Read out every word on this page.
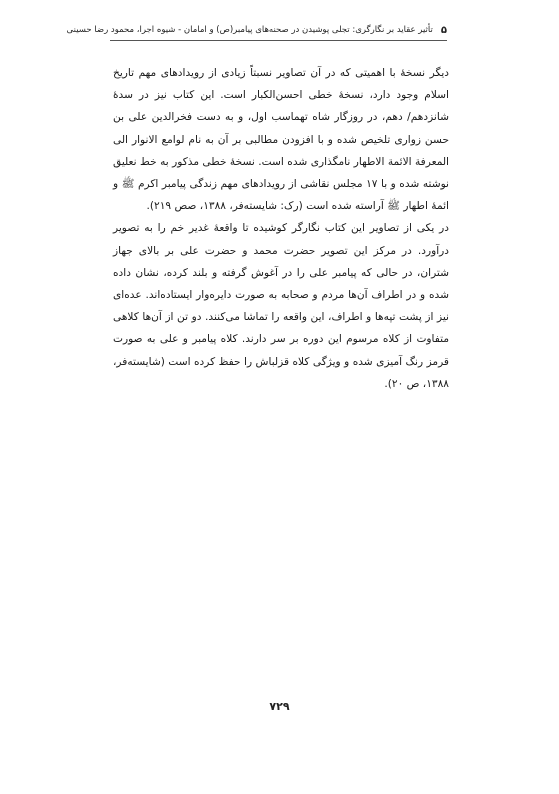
۵
تأثیر عقاید بر نگارگری: تجلی پوشیدن در صحنه‌های پیامبر(ص) و امامان - شیوه اجرا، محمود رضا حسینی

دیگر نسخهٔ با اهمیتی که در آن تصاویر نسبتاً زیادی از رویدادهای مهم تاریخ اسلام وجود دارد، نسخهٔ خطی احسن‌الکبار است. این کتاب نیز در سدهٔ شانزدهم/ دهم، در روزگار شاه تهماسب اول، و به دست فخرالدین علی بن حسن زواری تلخیص شده و با افزودن مطالبی بر آن به نام لوامع الانوار الی المعرفة الائمة الاطهار نامگذاری شده است. نسخهٔ خطی مذکور به خط نعلیق نوشته شده و با ۱۷ مجلس نقاشی از رویدادهای مهم زندگی پیامبر اکرم ﷺ و ائمهٔ اطهار ﷺ آراسته شده است (رک: شایسته‌فر، ۱۳۸۸، صص ۲۱۹).

در یکی از تصاویر این کتاب نگارگر کوشیده تا واقعهٔ غدیر خم را به تصویر درآورد. در مرکز این تصویر حضرت محمد و حضرت علی بر بالای جهاز شتران، در حالی که پیامبر علی را در آغوش گرفته و بلند کرده، نشان داده شده و در اطراف آن‌ها مردم و صحابه به صورت دایره‌وار ایستاده‌اند. عده‌ای نیز از پشت تپه‌ها و اطراف، این واقعه را تماشا می‌کنند. دو تن از آن‌ها کلاهی متفاوت از کلاه مرسوم این دوره بر سر دارند. کلاه پیامبر و علی به صورت قرمز رنگ آمیزی شده و ویژگی کلاه قزلباش را حفظ کرده است (شایسته‌فر، ۱۳۸۸، ص ۲۰).

۷۲۹
